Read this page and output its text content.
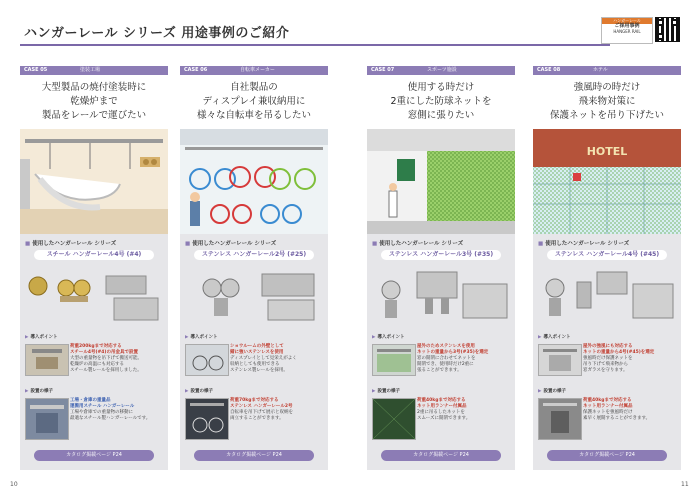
ハンガーレール シリーズ 用途事例のご紹介
ハンガーレール
ご採用事例
HANGER RAIL
CASE 05	塗装工場
大型製品の焼付塗装時に
乾燥炉まで
製品をレールで運びたい
■ 使用したハンガーレール シリーズ
スチール ハンガーレール4号 (#4)
▶ 導入ポイント
荷重200kgまで対応する
スチール4号(#4)の吊金具で設置
大型の重量物を吊下げて搬送可能。
乾燥炉の高温にも対応する
スチール製レールを採用しました。
▶ 設置の様子
工場・倉庫の重量品
運搬用スチール ハンガーレール
工場や倉庫での重量物の移動に
最適なスチール製ハンガーレールです。
カタログ掲載ページ P24
CASE 06	自転車メーカー
自社製品の
ディスプレイ兼収納用に
様々な自転車を吊るしたい
■ 使用したハンガーレール シリーズ
ステンレス ハンガーレール2号 (#25)
▶ 導入ポイント
ショウルームの外壁として
錆に強いステンレスを使用
ディスプレイとして見栄えがよく
収納としても使用できる
ステンレス製レールを採用。
▶ 設置の様子
荷重70kgまで対応する
ステンレス ハンガーレール2号
自転車を吊下げて展示と収納を
両立することができます。
カタログ掲載ページ P24
CASE 07	スポーツ施設
使用する時だけ
2重にした防球ネットを
窓側に張りたい
■ 使用したハンガーレール シリーズ
ステンレス ハンガーレール3号 (#35)
▶ 導入ポイント
屋外のためステンレスを使用
ネットの重量から3号(#35)を選定
窓の開閉に合わせてネットを
開閉でき、使用時だけ2重に
張ることができます。
▶ 設置の様子
荷重40kgまで対応する
ネット用ランナー付属品
2重に吊るしたネットを
スムーズに開閉できます。
カタログ掲載ページ P24
CASE 08	ホテル
強風時の時だけ
飛来物対策に
保護ネットを吊り下げたい
HOTEL
■ 使用したハンガーレール シリーズ
ステンレス ハンガーレール4号 (#45)
▶ 導入ポイント
屋外の強風にも対応する
ネットの重量から4号(#45)を選定
強風時だけ保護ネットを
吊り下げて飛来物から
窓ガラスを守ります。
▶ 設置の様子
荷重40kgまで対応する
ネット用ランナー付属品
保護ネットを強風時だけ
素早く展開することができます。
カタログ掲載ページ P24
10	11
